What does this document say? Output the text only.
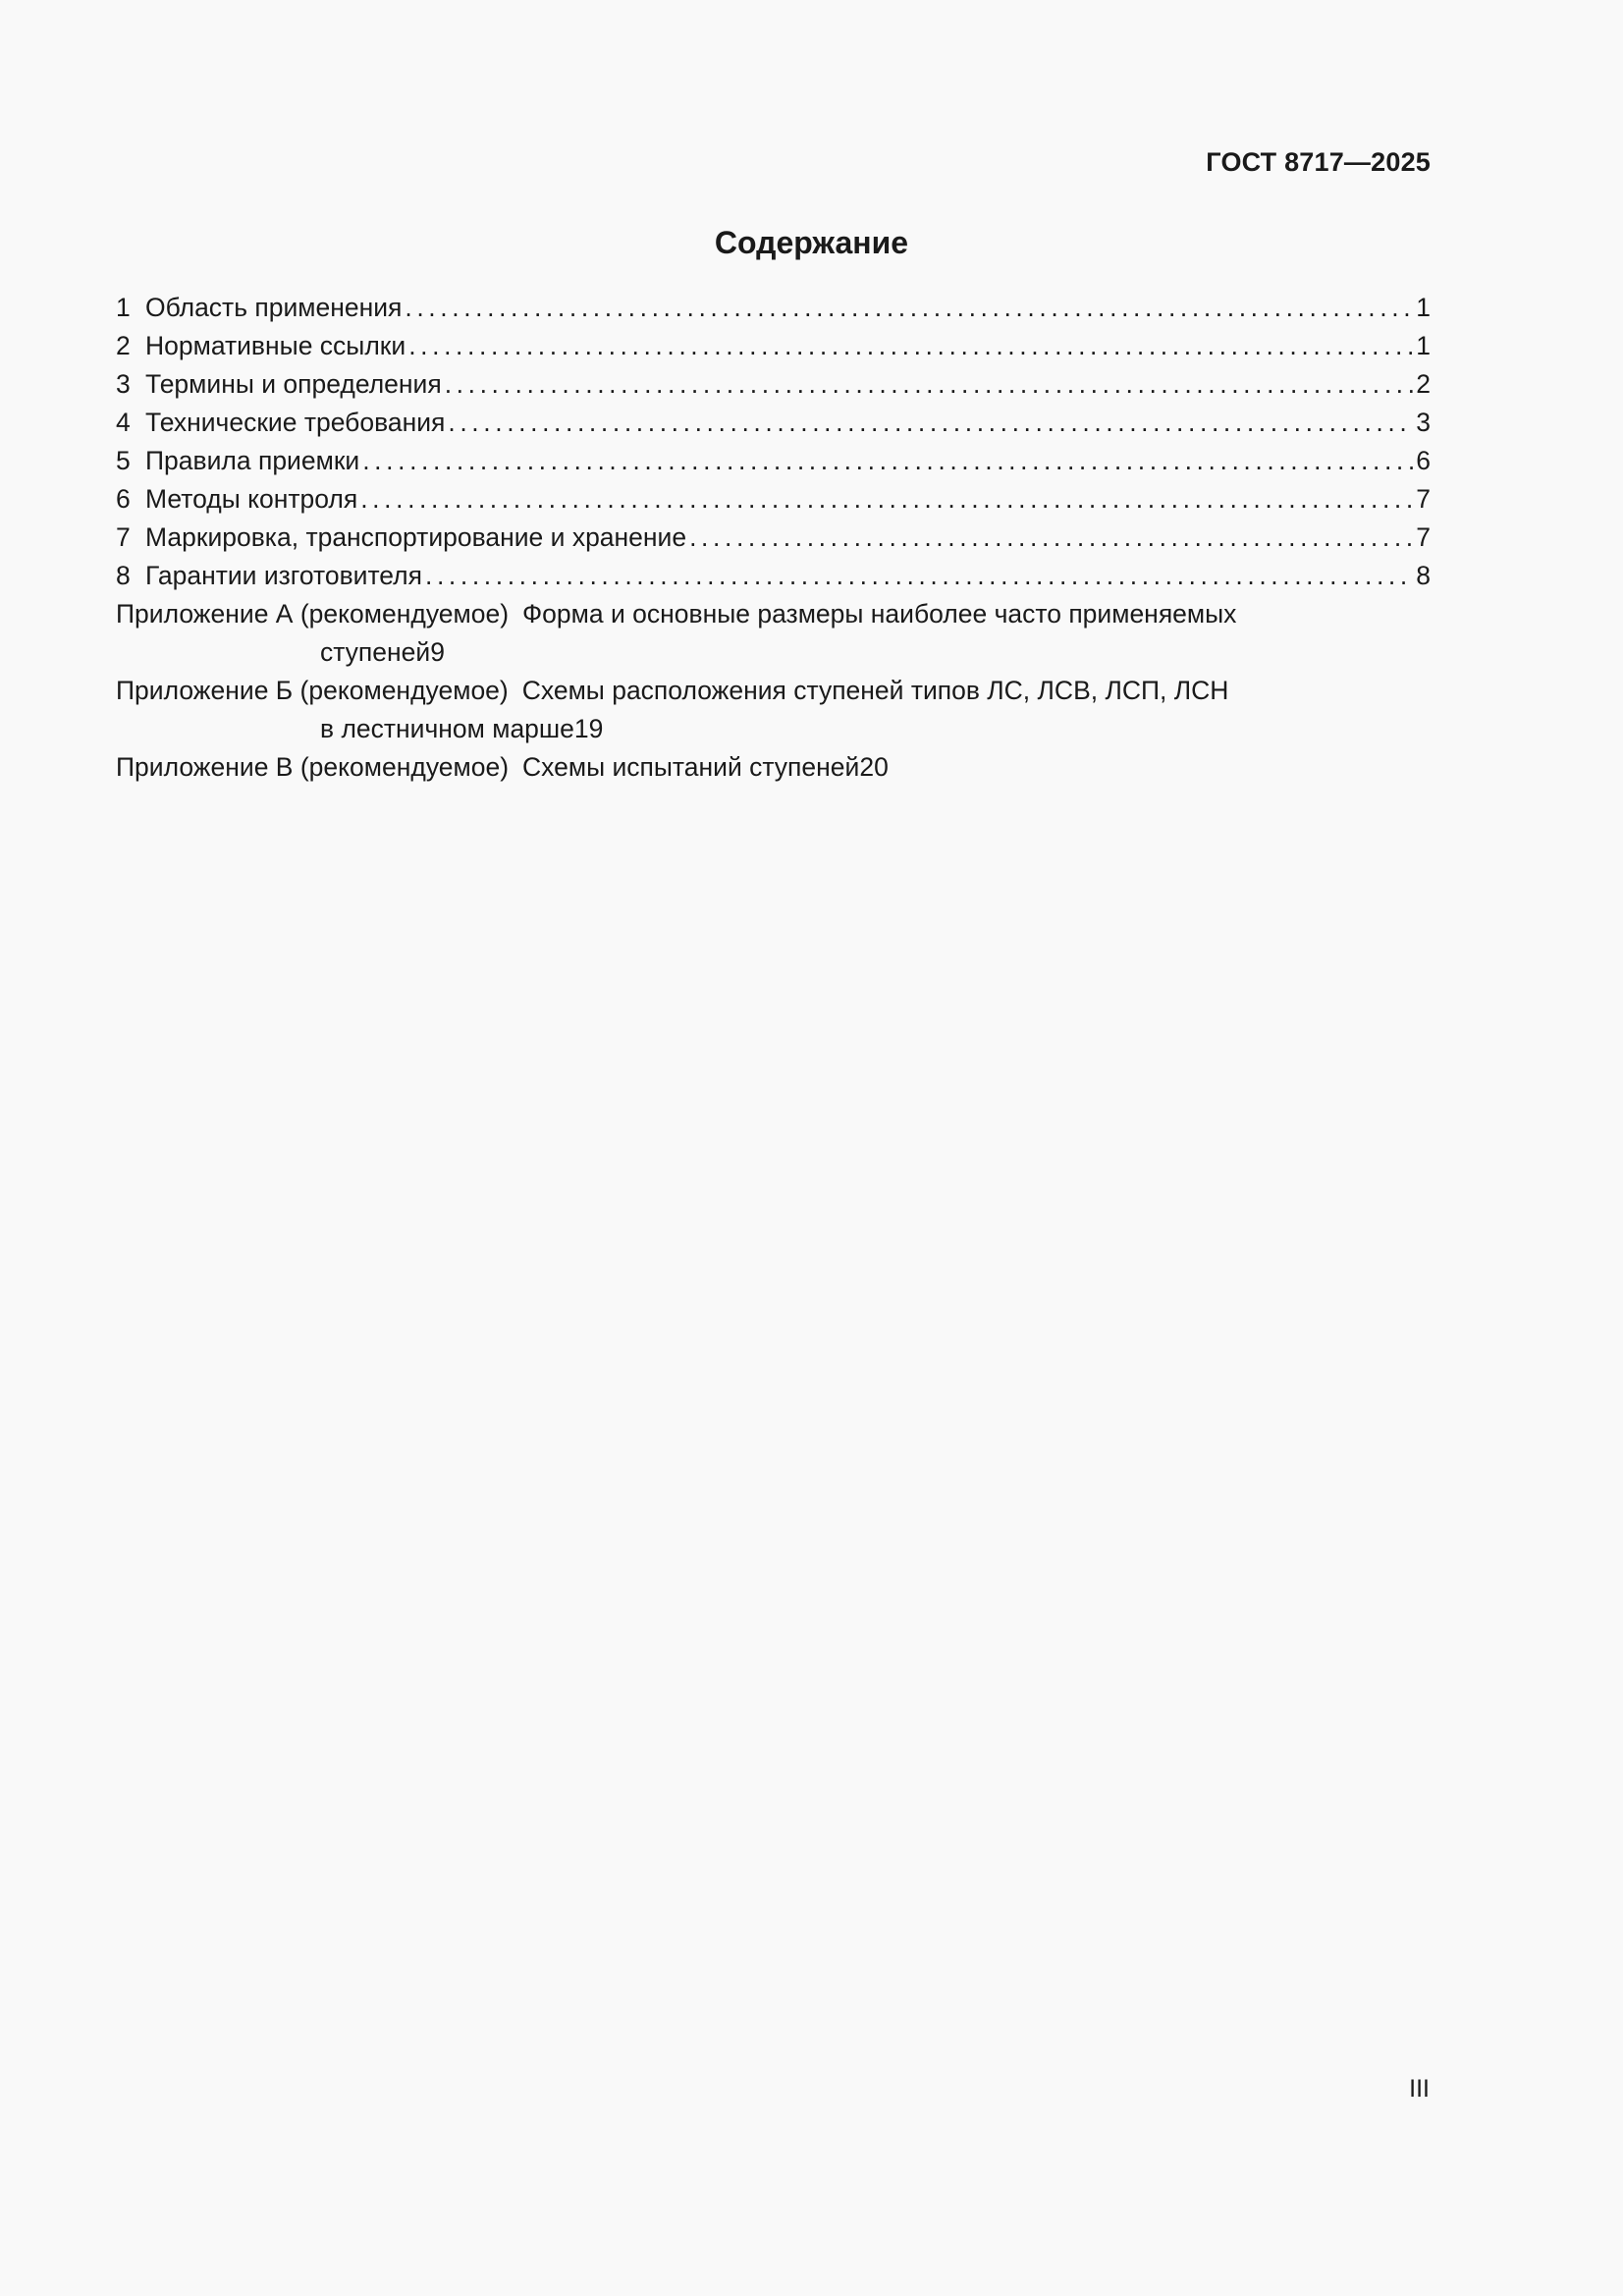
ГОСТ 8717—2025
Содержание
1 Область применения .....	1
2 Нормативные ссылки .....	1
3 Термины и определения .....	2
4 Технические требования .....	3
5 Правила приемки .....	6
6 Методы контроля .....	7
7 Маркировка, транспортирование и хранение .....	7
8 Гарантии изготовителя .....	8
Приложение А (рекомендуемое) Форма и основные размеры наиболее часто применяемых
ступеней 9
Приложение Б (рекомендуемое) Схемы расположения ступеней типов ЛС, ЛСВ, ЛСП, ЛСН
в лестничном марше 19
Приложение В (рекомендуемое) Схемы испытаний ступеней 20
III
